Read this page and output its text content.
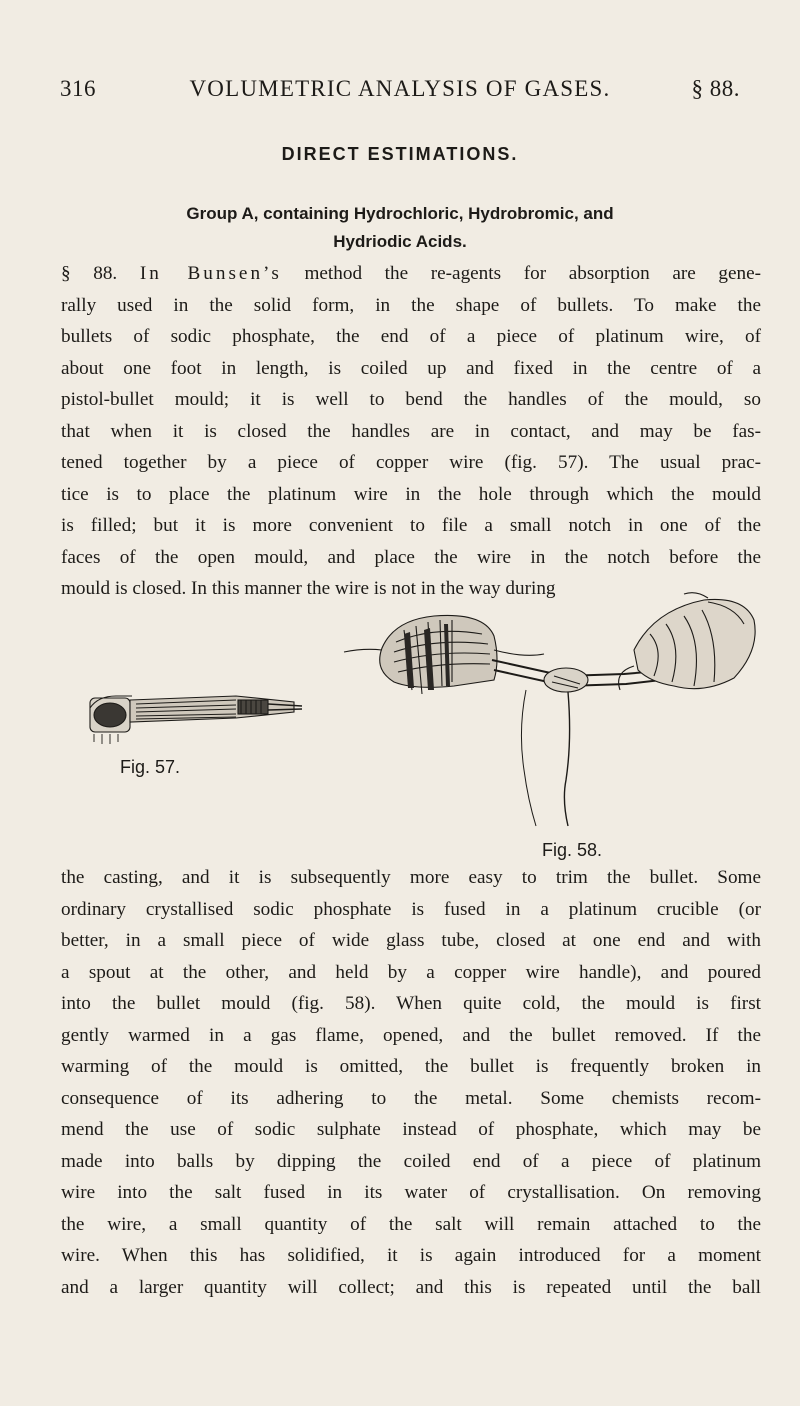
316	VOLUMETRIC ANALYSIS OF GASES.	§ 88.
DIRECT ESTIMATIONS.
Group A, containing Hydrochloric, Hydrobromic, and
Hydriodic Acids.
§ 88. In Bunsen’s method the re-agents for absorption are gene-
rally used in the solid form, in the shape of bullets. To make the
bullets of sodic phosphate, the end of a piece of platinum wire, of
about one foot in length, is coiled up and fixed in the centre of a
pistol-bullet mould; it is well to bend the handles of the mould, so
that when it is closed the handles are in contact, and may be fas-
tened together by a piece of copper wire (fig. 57). The usual prac-
tice is to place the platinum wire in the hole through which the mould
is filled; but it is more convenient to file a small notch in one of the
faces of the open mould, and place the wire in the notch before the
mould is closed. In this manner the wire is not in the way during
Fig. 57.
Fig. 58.
the casting, and it is subsequently more easy to trim the bullet. Some
ordinary crystallised sodic phosphate is fused in a platinum crucible (or
better, in a small piece of wide glass tube, closed at one end and with
a spout at the other, and held by a copper wire handle), and poured
into the bullet mould (fig. 58). When quite cold, the mould is first
gently warmed in a gas flame, opened, and the bullet removed. If the
warming of the mould is omitted, the bullet is frequently broken in
consequence of its adhering to the metal. Some chemists recom-
mend the use of sodic sulphate instead of phosphate, which may be
made into balls by dipping the coiled end of a piece of platinum
wire into the salt fused in its water of crystallisation. On removing
the wire, a small quantity of the salt will remain attached to the
wire. When this has solidified, it is again introduced for a moment
and a larger quantity will collect; and this is repeated until the ball
